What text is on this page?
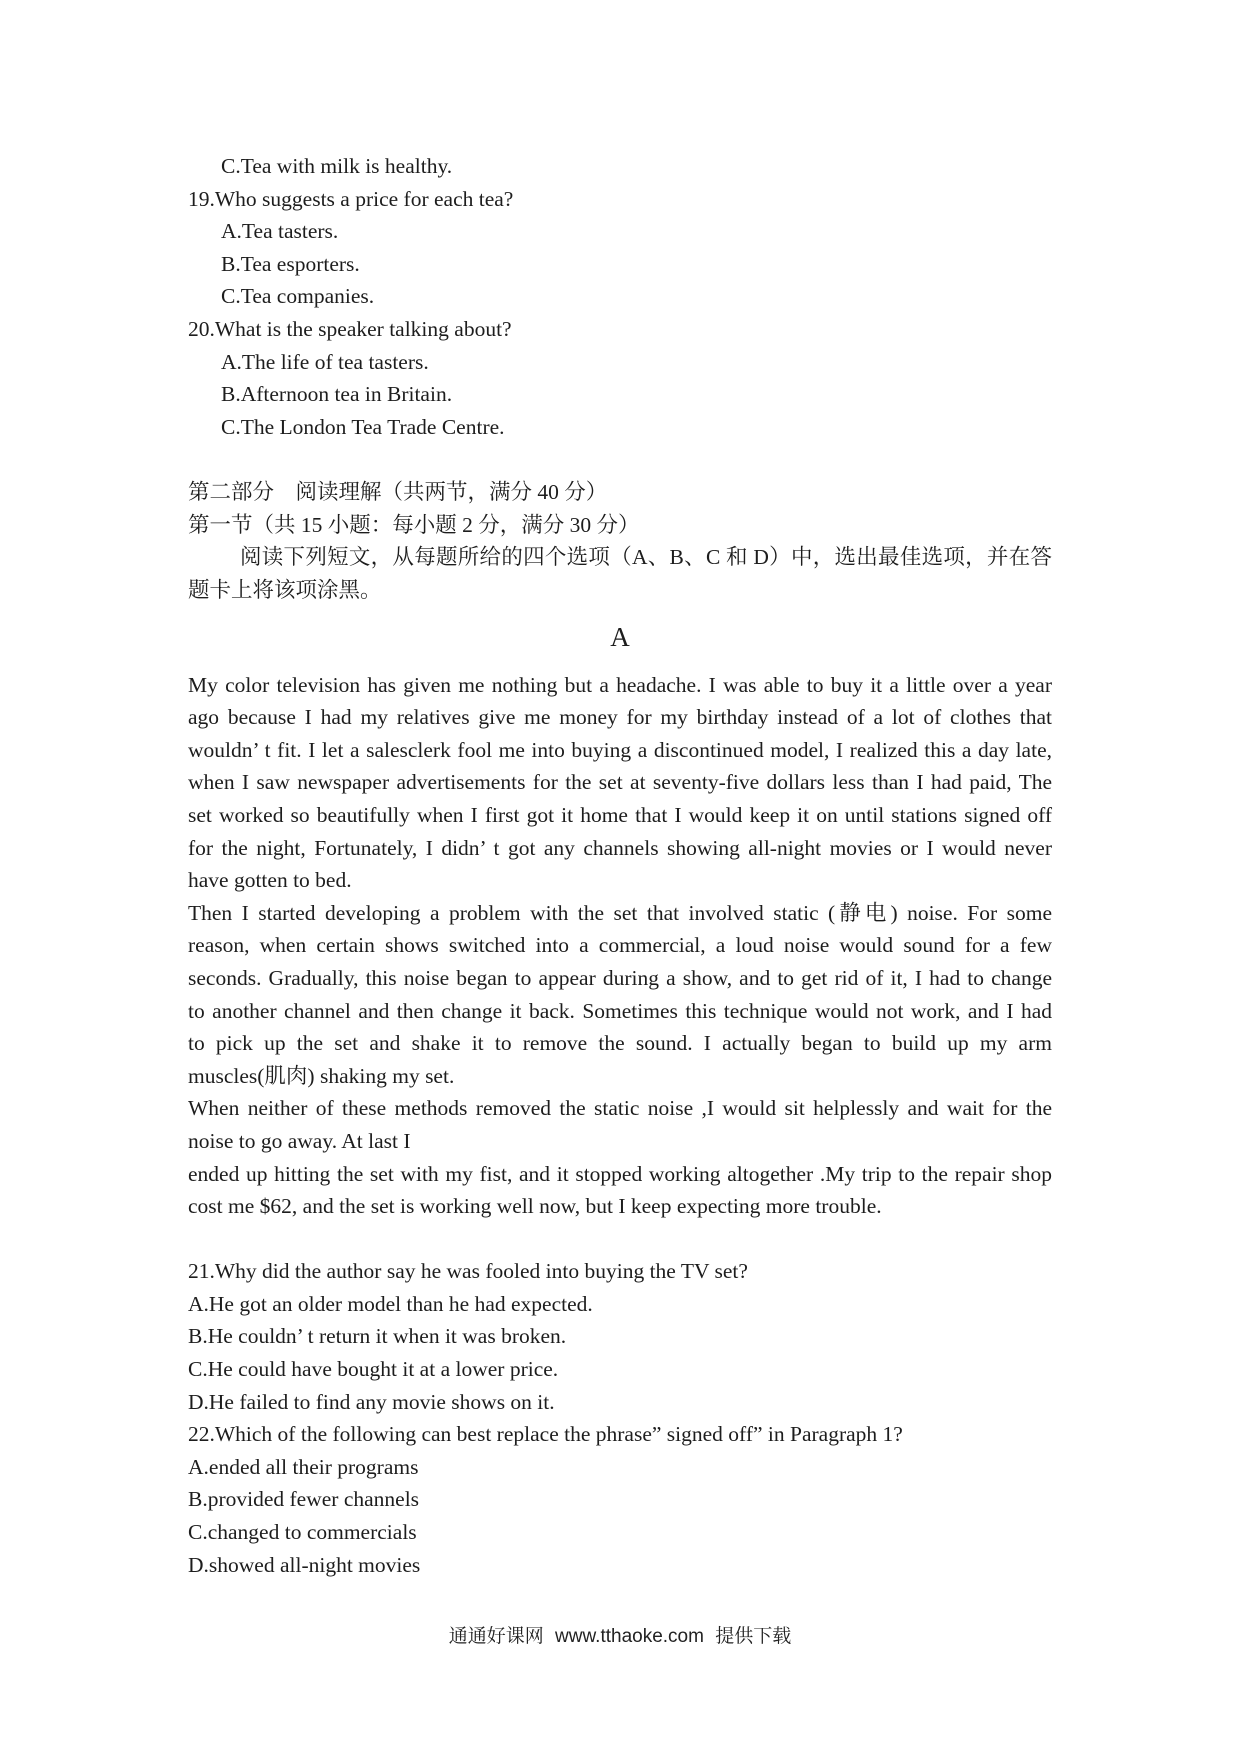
C.Tea with milk is healthy.
19.Who suggests a price for each tea?
A.Tea tasters.
B.Tea esporters.
C.Tea companies.
20.What is the speaker talking about?
A.The life of tea tasters.
B.Afternoon tea in Britain.
C.The London Tea Trade Centre.
第二部分　阅读理解（共两节，满分 40 分）
第一节（共 15 小题：每小题 2 分，满分 30 分）
阅读下列短文，从每题所给的四个选项（A、B、C 和 D）中，选出最佳选项，并在答
题卡上将该项涂黑。
A
My color television has given me nothing but a headache. I was able to buy it a little over a year
ago because I had my relatives give me money for my birthday instead of a lot of clothes that
wouldn’ t fit. I let a salesclerk fool me into buying a discontinued model, I realized this a day late,
when I saw newspaper advertisements for the set at seventy-five dollars less than I had paid, The
set worked so beautifully when I first got it home that I would keep it on until stations signed off
for the night, Fortunately, I didn’ t got any channels showing all-night movies or I would never
have gotten to bed.
Then I started developing a problem with the set that involved static (静电) noise. For some
reason, when certain shows switched into a commercial, a loud noise would sound for a few
seconds. Gradually, this noise began to appear during a show, and to get rid of it, I had to change
to another channel and then change it back. Sometimes this technique would not work, and I had
to pick up the set and shake it to remove the sound. I actually began to build up my arm
muscles(肌肉) shaking my set.
When neither of these methods removed the static noise ,I would sit helplessly and wait for the
noise to go away. At last I
ended up hitting the set with my fist, and it stopped working altogether .My trip to the repair shop
cost me $62, and the set is working well now, but I keep expecting more trouble.
21.Why did the author say he was fooled into buying the TV set?
A.He got an older model than he had expected.
B.He couldn’ t return it when it was broken.
C.He could have bought it at a lower price.
D.He failed to find any movie shows on it.
22.Which of the following can best replace the phrase” signed off” in Paragraph 1?
A.ended all their programs
B.provided fewer channels
C.changed to commercials
D.showed all-night movies
通通好课网 www.tthaoke.com 提供下载
